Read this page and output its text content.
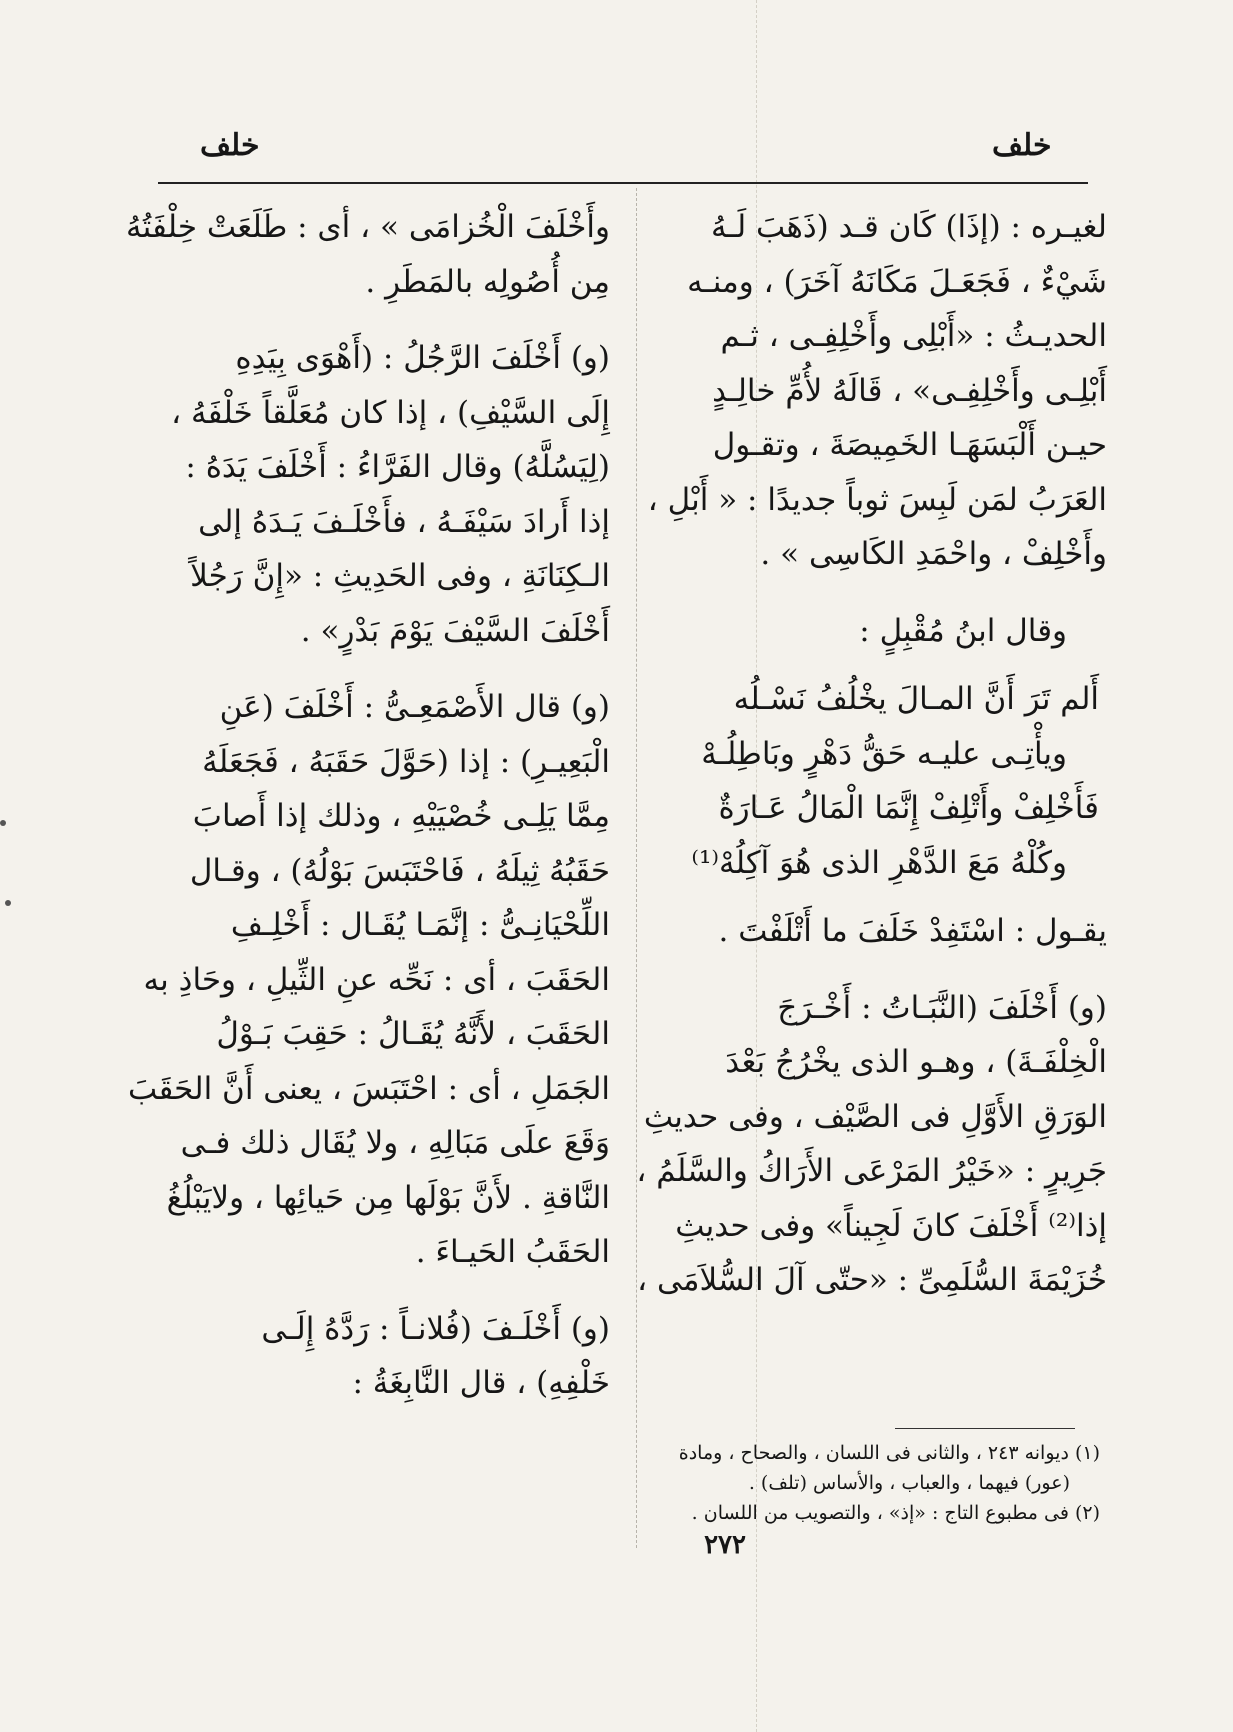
خلف	خلف

لغيـره : (إذَا) كَان قـد (ذَهَبَ لَـهُ
شَيْءٌ ، فَجَعَـلَ مَكَانَهُ آخَرَ) ، ومنـه
الحديـثُ : «أَبْلِى وأَخْلِفِـى ، ثـم
أَبْلِـى وأَخْلِفِـى» ، قَالَهُ لأُمِّ خالِـدٍ
حيـن أَلْبَسَهَـا الخَمِيصَةَ ، وتقـول
العَرَبُ لمَن لَبِسَ ثوباً جديدًا : « أَبْلِ ،
وأَخْلِفْ ، واحْمَدِ الكَاسِى » .

وقال ابنُ مُقْبِلٍ :

أَلم تَرَ أَنَّ المـالَ يخْلُفُ نَسْـلُه
ويأْتِـى عليـه حَقُّ دَهْرٍ وبَاطِلُـهْ
فَأَخْلِفْ وأَتْلِفْ إِنَّمَا الْمَالُ عَـارَةٌ
وكُلْهُ مَعَ الدَّهْرِ الذى هُوَ آكِلُهْ⁽¹⁾

يقـول : اسْتَفِدْ خَلَفَ ما أَتْلَفْتَ .

(و) أَخْلَفَ (النَّبَـاتُ : أَخْـرَجَ
الْخِلْفَـةَ) ، وهـو الذى يخْرُجُ بَعْدَ
الوَرَقِ الأَوَّلِ فى الصَّيْف ، وفى حديثِ
جَرِيرٍ : «خَيْرُ المَرْعَى الأَرَاكُ والسَّلَمُ ،
إذا⁽²⁾ أَخْلَفَ كانَ لَجِيناً» وفى حديثِ
خُزَيْمَةَ السُّلَمِىِّ : «حتّى آلَ السُّلاَمَى ،

وأَخْلَفَ الْخُزامَى » ، أى : طَلَعَتْ خِلْفَتُهُ
مِن أُصُولِه بالمَطَرِ .

(و) أَخْلَفَ الرَّجُلُ : (أَهْوَى بِيَدِهِ
إِلَى السَّيْفِ) ، إذا كان مُعَلَّقاً خَلْفَهُ ،
(لِيَسُلَّهُ) وقال الفَرَّاءُ : أَخْلَفَ يَدَهُ :
إذا أَرادَ سَيْفَـهُ ، فأَخْلَـفَ يَـدَهُ إلى
الـكِنَانَةِ ، وفى الحَدِيثِ : «إِنَّ رَجُلاً
أَخْلَفَ السَّيْفَ يَوْمَ بَدْرٍ» .

(و) قال الأَصْمَعِـىُّ : أَخْلَفَ (عَنِ
الْبَعِيـرِ) : إذا (حَوَّلَ حَقَبَهُ ، فَجَعَلَهُ
مِمَّا يَلِـى خُصْيَيْهِ ، وذلك إذا أَصابَ
حَقَبُهُ ثِيلَهُ ، فَاحْتَبَسَ بَوْلُهُ) ، وقـال
اللِّحْيَانِـىُّ : إنَّمَـا يُقَـال : أَخْلِـفِ
الحَقَبَ ، أى : نَحِّه عنِ الثِّيلِ ، وحَاذِ به
الحَقَبَ ، لأَنَّهُ يُقَـالُ : حَقِبَ بَـوْلُ
الجَمَلِ ، أى : احْتَبَسَ ، يعنى أَنَّ الحَقَبَ
وَقَعَ علَى مَبَالِهِ ، ولا يُقَال ذلك فـى
النَّاقةِ . لأَنَّ بَوْلَها مِن حَيائِها ، ولايَبْلُغُ
الحَقَبُ الحَيـاءَ .

(و) أَخْلَـفَ (فُلانـاً : رَدَّهُ إِلَـى
خَلْفِهِ) ، قال النَّابِغَةُ :

(١) ديوانه ٢٤٣ ، والثانى فى اللسان ، والصحاح ، ومادة
(عور) فيهما ، والعباب ، والأساس (تلف) .
(٢) فى مطبوع التاج : «إذ» ، والتصويب من اللسان .
٢٧٢
